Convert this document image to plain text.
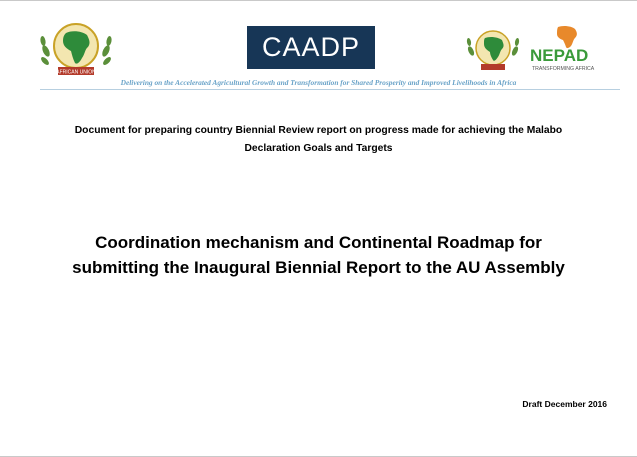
AFRICAN UNION
CAADP	NEPAD
TRANSFORMING AFRICA
Delivering on the Accelerated Agricultural Growth and Transformation for Shared Prosperity and Improved Livelihoods in Africa
Document for preparing country Biennial Review report on progress made for achieving the Malabo
Declaration Goals and Targets
Coordination mechanism and Continental Roadmap for
submitting the Inaugural Biennial Report to the AU Assembly
Draft December 2016
